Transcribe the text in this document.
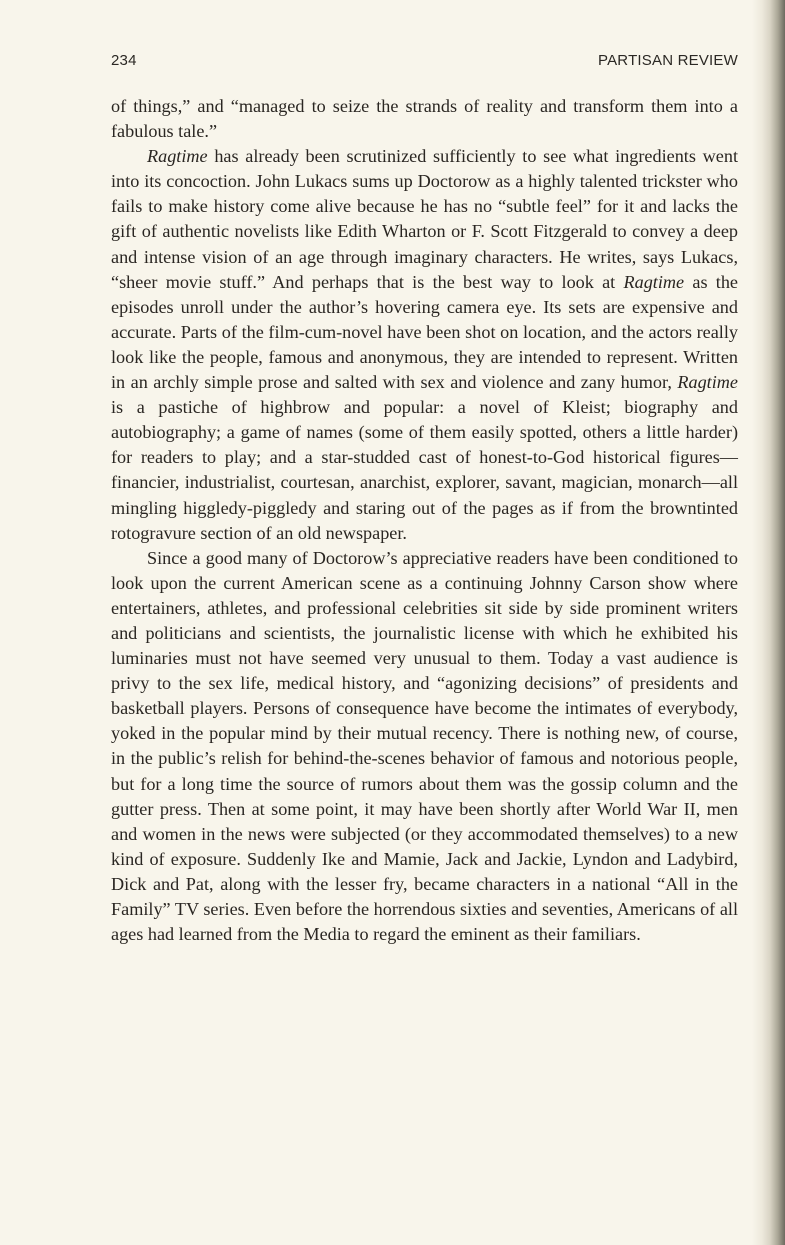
234	PARTISAN REVIEW

of things,” and “managed to seize the strands of reality and transform them into a fabulous tale.”

Ragtime has already been scrutinized sufficiently to see what ingredients went into its concoction. John Lukacs sums up Doctorow as a highly talented trickster who fails to make history come alive because he has no “subtle feel” for it and lacks the gift of authentic novelists like Edith Wharton or F. Scott Fitzgerald to convey a deep and intense vision of an age through imaginary characters. He writes, says Lukacs, “sheer movie stuff.” And perhaps that is the best way to look at Ragtime as the episodes unroll under the author’s hovering camera eye. Its sets are expensive and accurate. Parts of the film-cum-novel have been shot on location, and the actors really look like the people, famous and anonymous, they are intended to represent. Written in an archly simple prose and salted with sex and violence and zany humor, Ragtime is a pastiche of highbrow and popular: a novel of Kleist; biography and autobiography; a game of names (some of them easily spotted, others a little harder) for readers to play; and a star-studded cast of honest-to-God historical figures—financier, industrialist, courtesan, anarchist, explorer, savant, magician, monarch—all mingling higgledy-piggledy and staring out of the pages as if from the browntinted rotogravure section of an old newspaper.

Since a good many of Doctorow’s appreciative readers have been conditioned to look upon the current American scene as a continuing Johnny Carson show where entertainers, athletes, and professional celebrities sit side by side prominent writers and politicians and scientists, the journalistic license with which he exhibited his luminaries must not have seemed very unusual to them. Today a vast audience is privy to the sex life, medical history, and “agonizing decisions” of presidents and basketball players. Persons of consequence have become the intimates of everybody, yoked in the popular mind by their mutual recency. There is nothing new, of course, in the public’s relish for behind-the-scenes behavior of famous and notorious people, but for a long time the source of rumors about them was the gossip column and the gutter press. Then at some point, it may have been shortly after World War II, men and women in the news were subjected (or they accommodated themselves) to a new kind of exposure. Suddenly Ike and Mamie, Jack and Jackie, Lyndon and Ladybird, Dick and Pat, along with the lesser fry, became characters in a national “All in the Family” TV series. Even before the horrendous sixties and seventies, Americans of all ages had learned from the Media to regard the eminent as their familiars.
